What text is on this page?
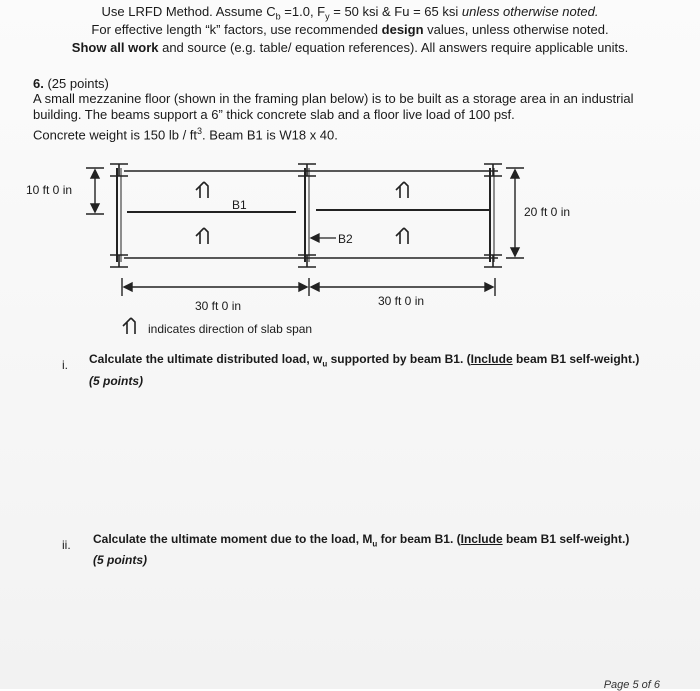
Use LRFD Method. Assume $C_b =1.0$, $F_y = 50$ ksi & Fu = 65 ksi unless otherwise noted.
For effective length “k” factors, use recommended design values, unless otherwise noted.
Show all work and source (e.g. table/ equation references). All answers require applicable units.
6. (25 points)
A small mezzanine floor (shown in the framing plan below) is to be built as a storage area in an industrial
building. The beams support a 6” thick concrete slab and a floor live load of 100 psf.
Concrete weight is 150 lb / $ft^3$. Beam B1 is W18 x 40.
10 ft 0 in
20 ft 0 in
B1
B2
30 ft 0 in	30 ft 0 in
indicates direction of slab span
i. Calculate the ultimate distributed load, $w_u$ supported by beam B1. (Include beam B1 self-weight.)
(5 points)
ii. Calculate the ultimate moment due to the load, $M_u$ for beam B1. (Include beam B1 self-weight.)
(5 points)
Page 5 of 6
